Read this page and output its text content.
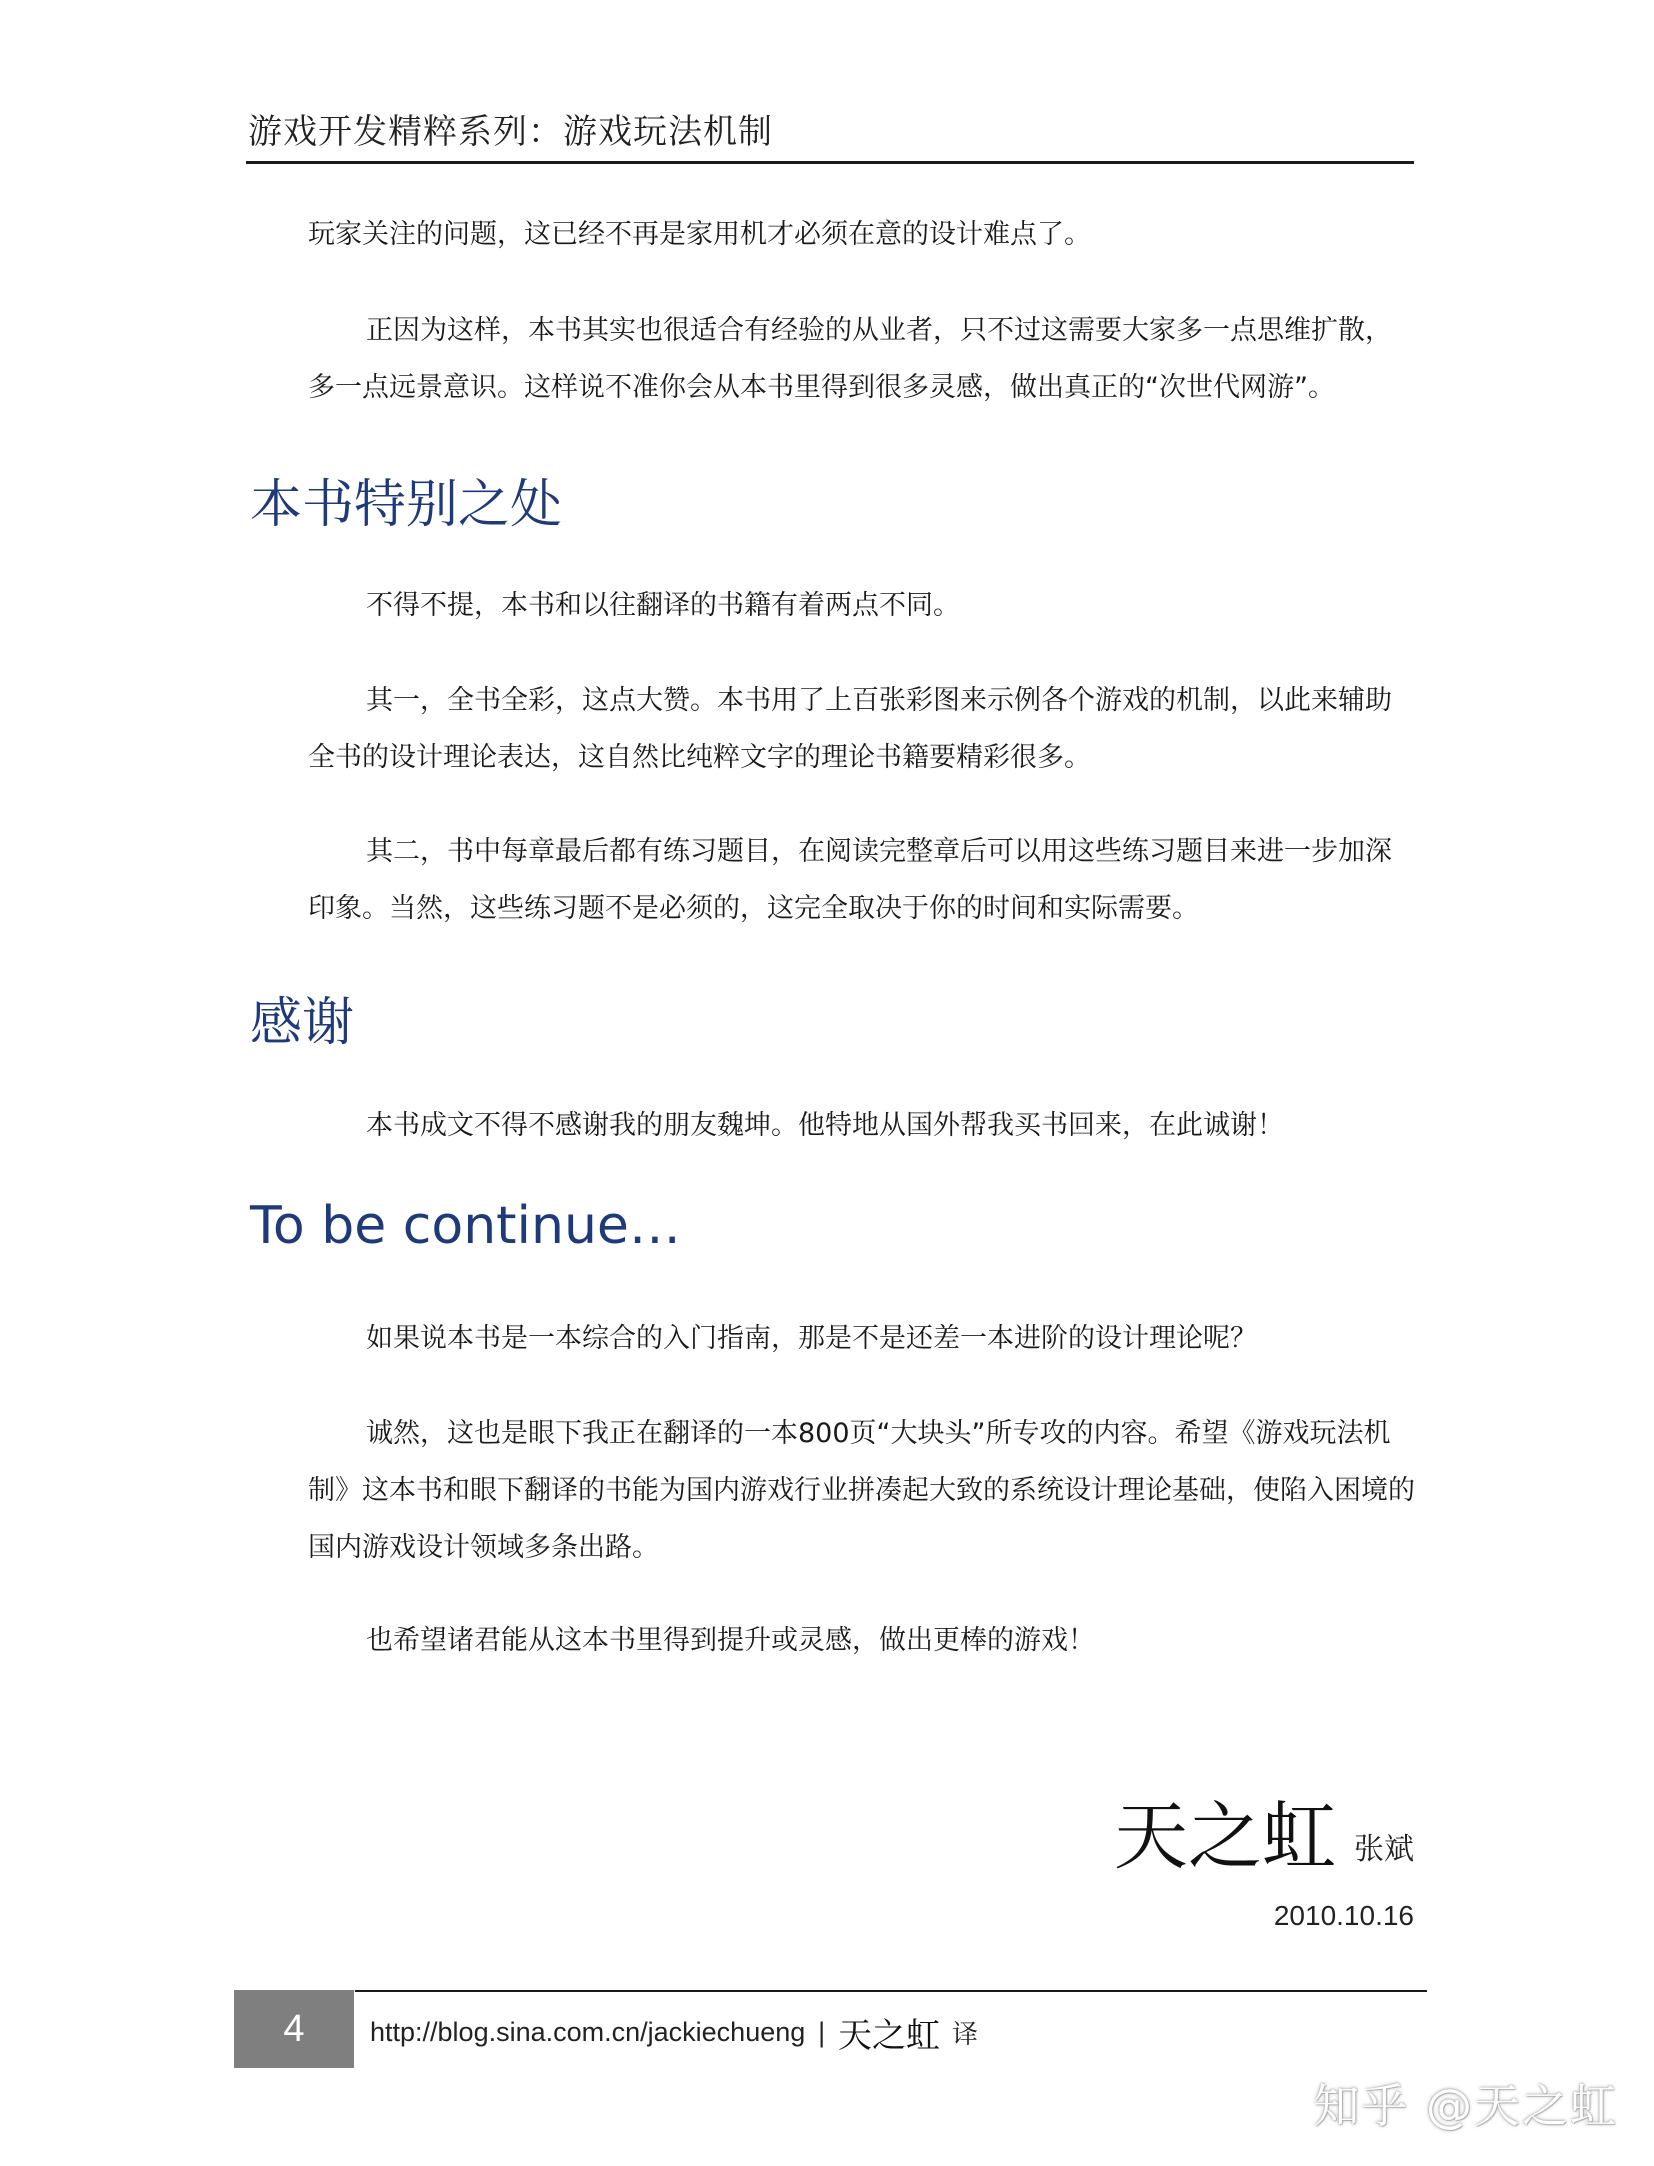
游戏开发精粹系列：游戏玩法机制

玩家关注的问题，这已经不再是家用机才必须在意的设计难点了。

正因为这样，本书其实也很适合有经验的从业者，只不过这需要大家多一点思维扩散，多一点远景意识。这样说不准你会从本书里得到很多灵感，做出真正的“次世代网游”。

本书特别之处

不得不提，本书和以往翻译的书籍有着两点不同。

其一，全书全彩，这点大赞。本书用了上百张彩图来示例各个游戏的机制，以此来辅助全书的设计理论表达，这自然比纯粹文字的理论书籍要精彩很多。

其二，书中每章最后都有练习题目，在阅读完整章后可以用这些练习题目来进一步加深印象。当然，这些练习题不是必须的，这完全取决于你的时间和实际需要。

感谢

本书成文不得不感谢我的朋友魏坤。他特地从国外帮我买书回来，在此诚谢！

To be continue…

如果说本书是一本综合的入门指南，那是不是还差一本进阶的设计理论呢？

诚然，这也是眼下我正在翻译的一本800页“大块头”所专攻的内容。希望《游戏玩法机制》这本书和眼下翻译的书能为国内游戏行业拼凑起大致的系统设计理论基础，使陷入困境的国内游戏设计领域多条出路。

也希望诸君能从这本书里得到提升或灵感，做出更棒的游戏！

天之虹 张斌
2010.10.16
4	http://blog.sina.com.cn/jackiechueng | 天之虹 译
知乎 @天之虹
